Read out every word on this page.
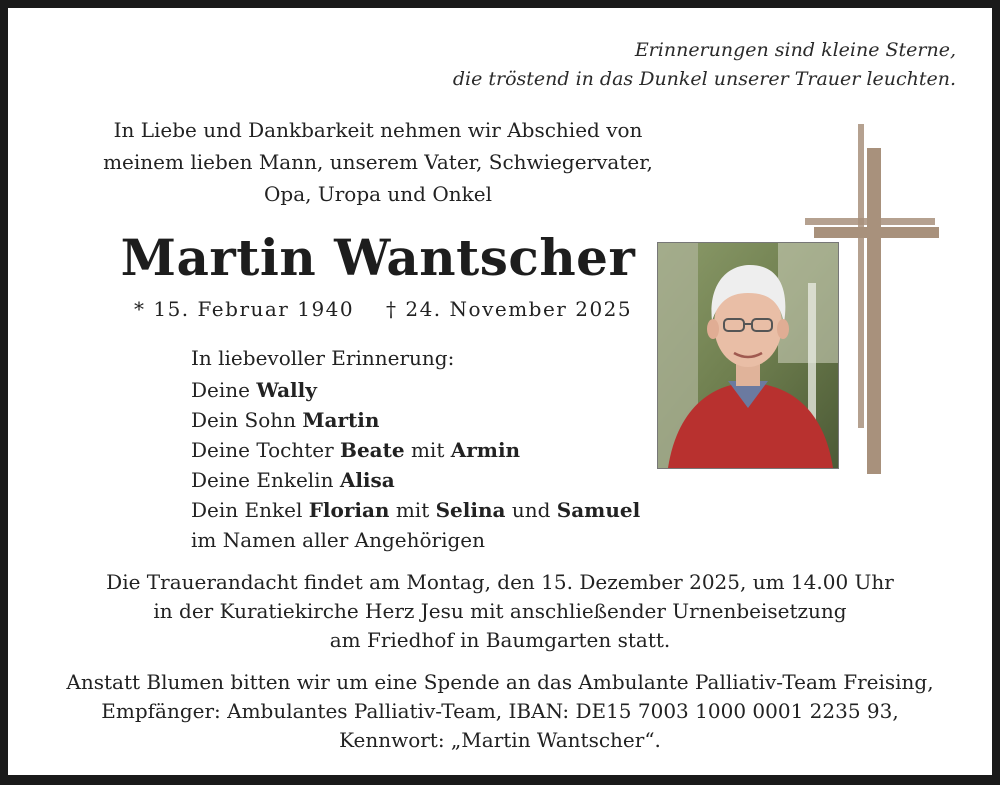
Erinnerungen sind kleine Sterne,
die tröstend in das Dunkel unserer Trauer leuchten.
In Liebe und Dankbarkeit nehmen wir Abschied von
meinem lieben Mann, unserem Vater, Schwiegervater,
Opa, Uropa und Onkel
Martin Wantscher
* 15. Februar 1940 † 24. November 2025
In liebevoller Erinnerung:
Deine Wally
Dein Sohn Martin
Deine Tochter Beate mit Armin
Deine Enkelin Alisa
Dein Enkel Florian mit Selina und Samuel
im Namen aller Angehörigen
Die Trauerandacht findet am Montag, den 15. Dezember 2025, um 14.00 Uhr
in der Kuratiekirche Herz Jesu mit anschließender Urnenbeisetzung
am Friedhof in Baumgarten statt.
Anstatt Blumen bitten wir um eine Spende an das Ambulante Palliativ-Team Freising,
Empfänger: Ambulantes Palliativ-Team, IBAN: DE15 7003 1000 0001 2235 93,
Kennwort: „Martin Wantscher“.
